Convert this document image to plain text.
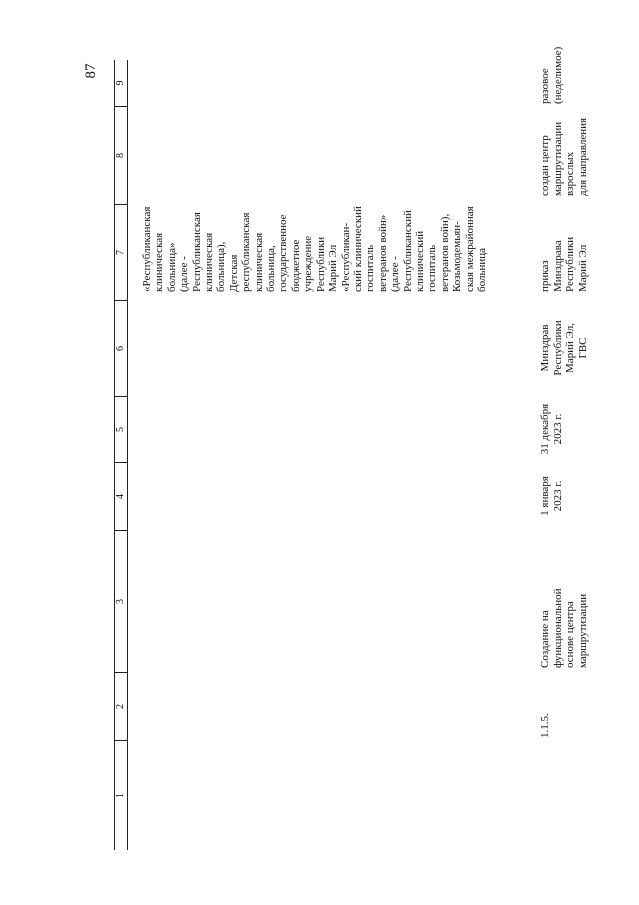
87
1
2
3
4
5
6
7
8
9
1.1.5.
Создание на функциональной основе центра маршрутизации
1 января 2023 г.
31 декабря 2023 г.
Минздрав Республики Марий Эл, ГВС
«Республиканская клиническая больница» (далее - Республиканская клиническая больница), Детская республиканская клиническая больница, государственное бюджетное учреждение Республики Марий Эл «Республикан- ский клинический госпиталь ветеранов войн» (далее - Республиканский клинический госпиталь ветеранов войн), Козьмодемьян- ская межрайонная больница	приказ Минздрава Республики Марий Эл
создан центр маршрутизации взрослых для направления
разовое (неделимое)
